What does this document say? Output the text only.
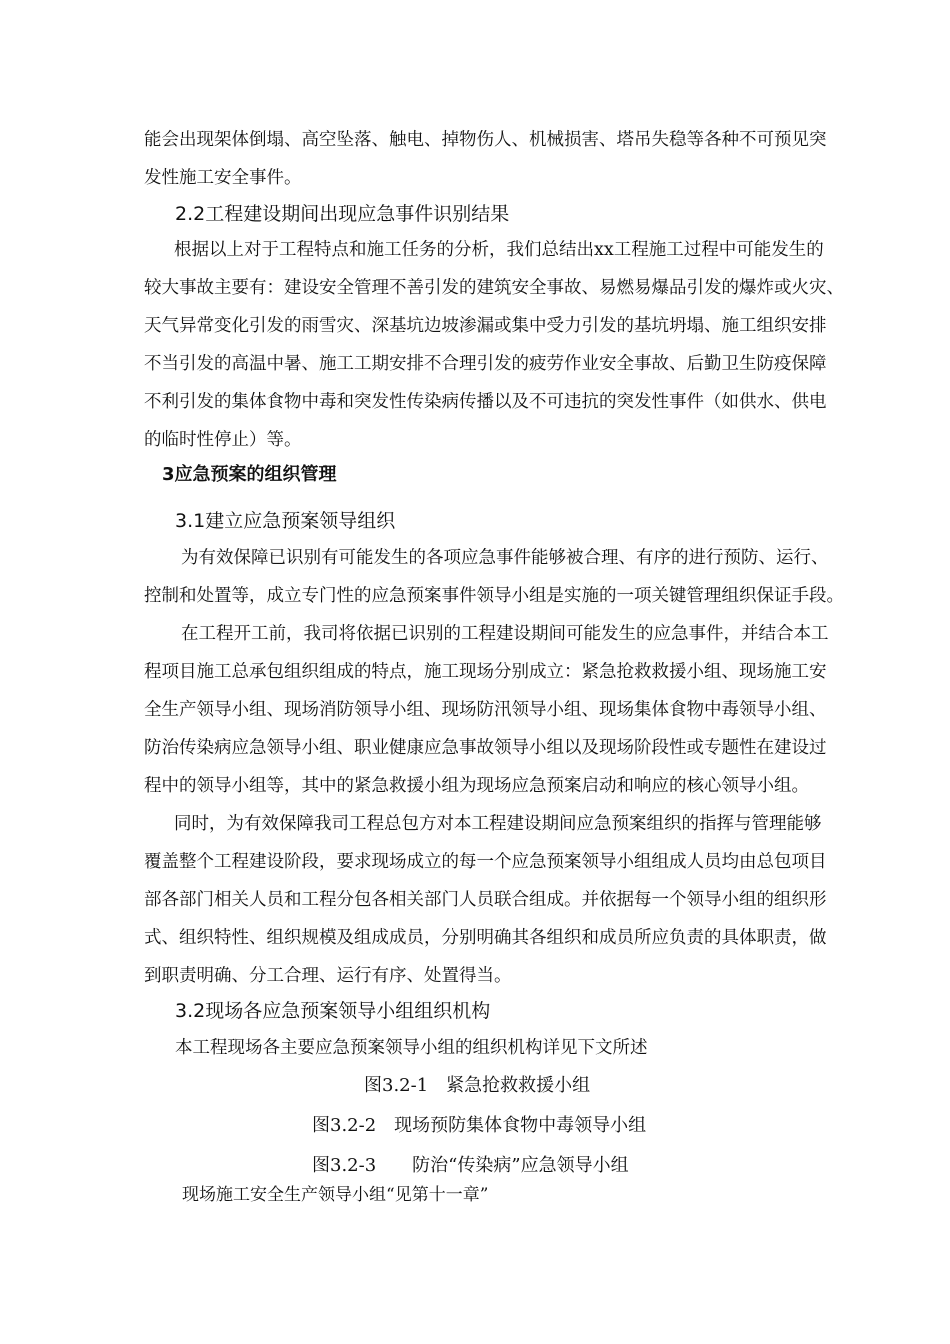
能会出现架体倒塌、高空坠落、触电、掉物伤人、机械损害、塔吊失稳等各种不可预见突
发性施工安全事件。
2.2工程建设期间出现应急事件识别结果
根据以上对于工程特点和施工任务的分析，我们总结出xx工程施工过程中可能发生的
较大事故主要有：建设安全管理不善引发的建筑安全事故、易燃易爆品引发的爆炸或火灾、
天气异常变化引发的雨雪灾、深基坑边坡渗漏或集中受力引发的基坑坍塌、施工组织安排
不当引发的高温中暑、施工工期安排不合理引发的疲劳作业安全事故、后勤卫生防疫保障
不利引发的集体食物中毒和突发性传染病传播以及不可违抗的突发性事件（如供水、供电
的临时性停止）等。
3应急预案的组织管理
3.1建立应急预案领导组织
为有效保障已识别有可能发生的各项应急事件能够被合理、有序的进行预防、运行、
控制和处置等，成立专门性的应急预案事件领导小组是实施的一项关键管理组织保证手段。
在工程开工前，我司将依据已识别的工程建设期间可能发生的应急事件，并结合本工
程项目施工总承包组织组成的特点，施工现场分别成立：紧急抢救救援小组、现场施工安
全生产领导小组、现场消防领导小组、现场防汛领导小组、现场集体食物中毒领导小组、
防治传染病应急领导小组、职业健康应急事故领导小组以及现场阶段性或专题性在建设过
程中的领导小组等，其中的紧急救援小组为现场应急预案启动和响应的核心领导小组。
同时，为有效保障我司工程总包方对本工程建设期间应急预案组织的指挥与管理能够
覆盖整个工程建设阶段，要求现场成立的每一个应急预案领导小组组成人员均由总包项目
部各部门相关人员和工程分包各相关部门人员联合组成。并依据每一个领导小组的组织形
式、组织特性、组织规模及组成成员，分别明确其各组织和成员所应负责的具体职责，做
到职责明确、分工合理、运行有序、处置得当。
3.2现场各应急预案领导小组组织机构
本工程现场各主要应急预案领导小组的组织机构详见下文所述
图3.2-1　紧急抢救救援小组
图3.2-2　现场预防集体食物中毒领导小组
图3.2-3　　防治“传染病”应急领导小组
现场施工安全生产领导小组“见第十一章”
